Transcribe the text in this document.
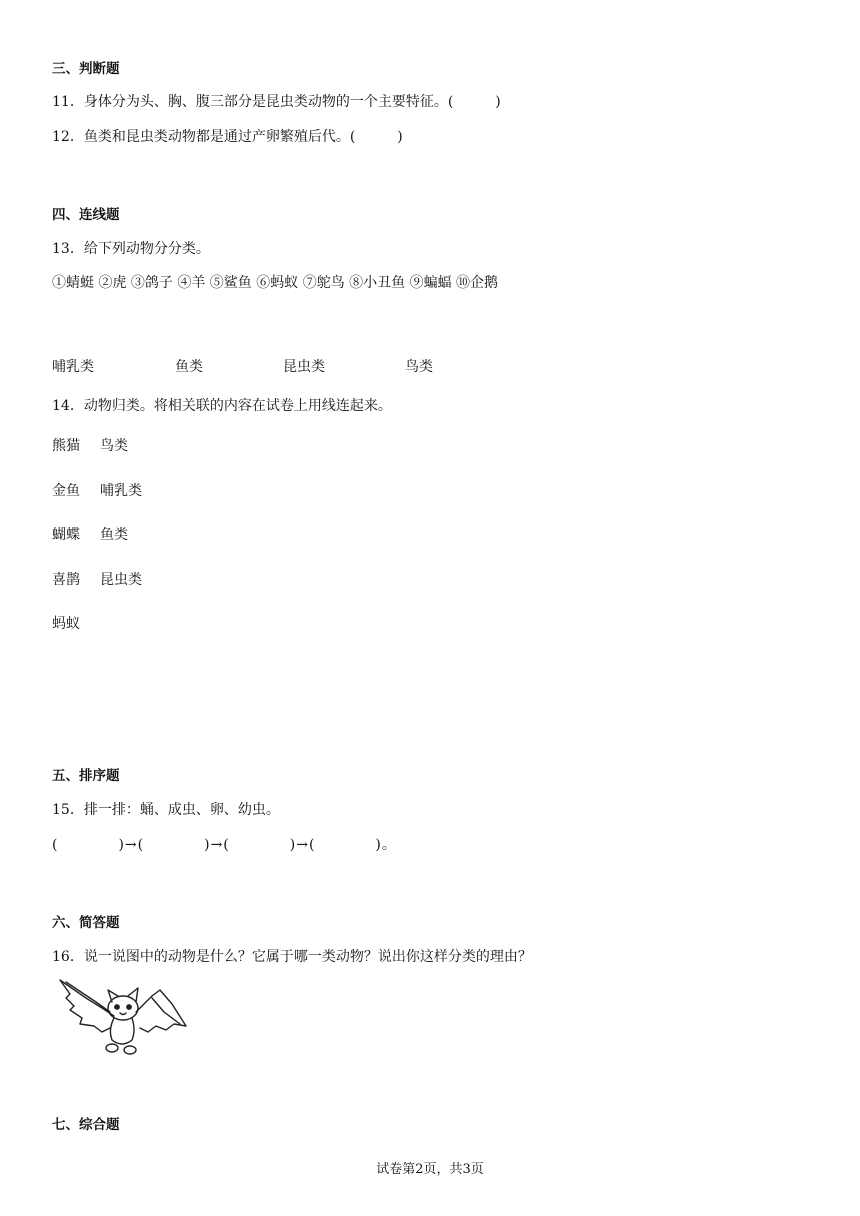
三、判断题
11．身体分为头、胸、腹三部分是昆虫类动物的一个主要特征。(　　　)
12．鱼类和昆虫类动物都是通过产卵繁殖后代。(　　　)
四、连线题
13．给下列动物分分类。
①蜻蜓 ②虎 ③鸽子 ④羊 ⑤鲨鱼 ⑥蚂蚁 ⑦鸵鸟 ⑧小丑鱼 ⑨蝙蝠 ⑩企鹅
哺乳类	鱼类	昆虫类	鸟类
14．动物归类。将相关联的内容在试卷上用线连起来。
熊猫 鸟类
金鱼 哺乳类
蝴蝶 鱼类
喜鹊 昆虫类
蚂蚁
五、排序题
15．排一排：蛹、成虫、卵、幼虫。
(　　　　)→(　　　　)→(　　　　)→(　　　　)。
六、简答题
16．说一说图中的动物是什么？它属于哪一类动物？说出你这样分类的理由？
七、综合题
试卷第2页，共3页
